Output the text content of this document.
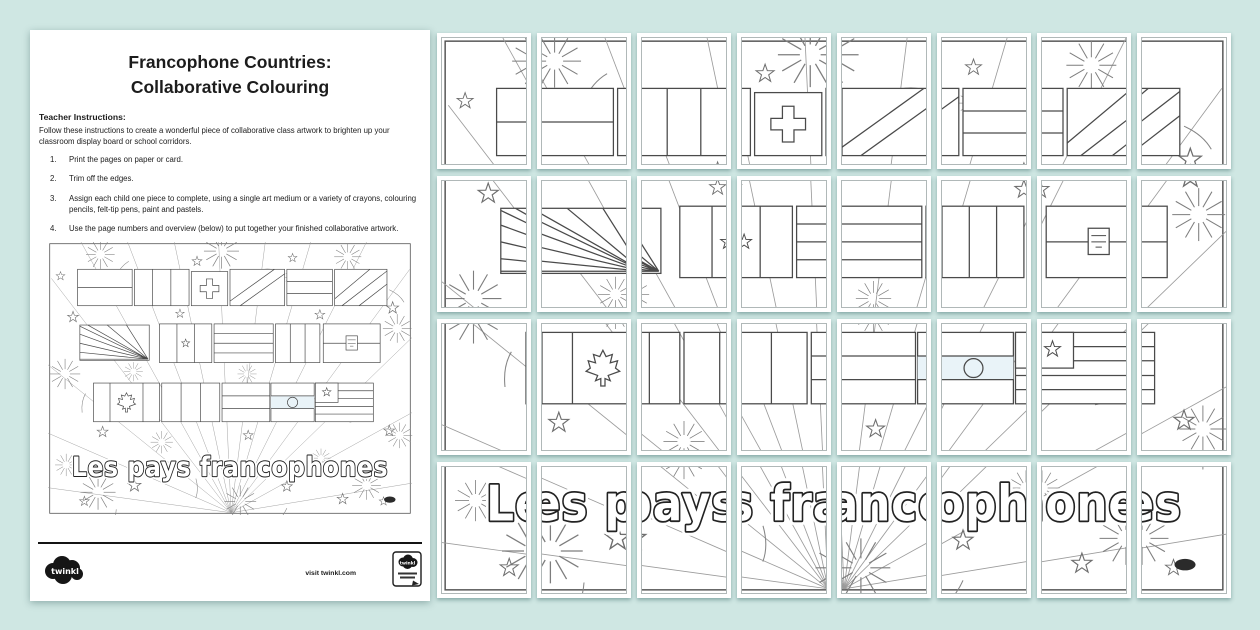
Francophone Countries:
Collaborative Colouring

Teacher Instructions:

Follow these instructions to create a wonderful piece of collaborative class artwork to brighten up your classroom display board or school corridors.

1.	Print the pages on paper or card.
2.	Trim off the edges.
3.	Assign each child one piece to complete, using a single art medium or a variety of crayons, colouring pencils, felt-tip pens, paint and pastels.
4.	Use the page numbers and overview (below) to put together your finished collaborative artwork.
twinkl	visit twinkl.com
twinkl
